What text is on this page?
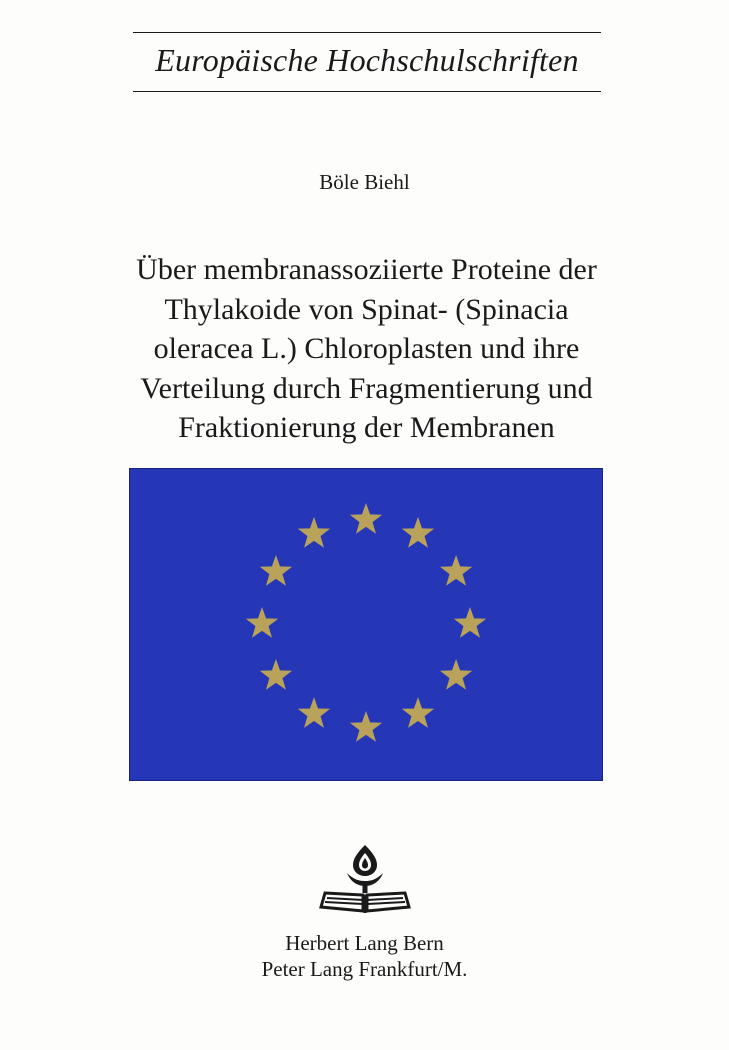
Europäische Hochschulschriften
Böle Biehl
Über membranassoziierte Proteine der
Thylakoide von Spinat- (Spinacia
oleracea L.) Chloroplasten und ihre
Verteilung durch Fragmentierung und
Fraktionierung der Membranen
Herbert Lang Bern
Peter Lang Frankfurt/M.
